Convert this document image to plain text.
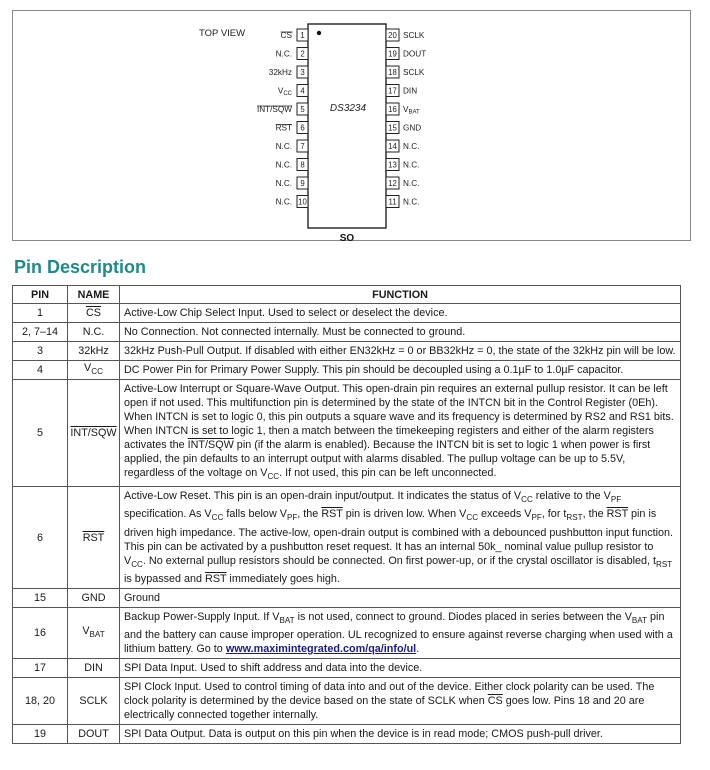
TOP VIEW
DS3234
SO
1
CS
2
N.C.
3
32kHz
4
VCC
5
INT/SQW
6
RST
7
N.C.
8
N.C.
9
N.C.
10
N.C.
20 SCLK
19 DOUT
18 SCLK
17 DIN
16 VBAT
15 GND
14 N.C.
13 N.C.
12 N.C.
11 N.C.
Pin Description
PIN	NAME	FUNCTION
1	$\overline{CS}$	Active-Low Chip Select Input. Used to select or deselect the device.
2, 7–14	N.C.	No Connection. Not connected internally. Must be connected to ground.
3	32kHz	32kHz Push-Pull Output. If disabled with either EN32kHz = 0 or BB32kHz = 0, the state of the 32kHz pin will be low.
4	$V_{CC}$	DC Power Pin for Primary Power Supply. This pin should be decoupled using a 0.1µF to 1.0µF capacitor.
5	INT/SQW	Active-Low Interrupt or Square-Wave Output. This open-drain pin requires an external pullup resistor. It can be left open if not used. This multifunction pin is determined by the state of the INTCN bit in the Control Register (0Eh). When INTCN is set to logic 0, this pin outputs a square wave and its frequency is determined by RS2 and RS1 bits. When INTCN is set to logic 1, then a match between the timekeeping registers and either of the alarm registers activates the INT/SQW pin (if the alarm is enabled). Because the INTCN bit is set to logic 1 when power is first applied, the pin defaults to an interrupt output with alarms disabled. The pullup voltage can be up to 5.5V, regardless of the voltage on $V_{CC}$. If not used, this pin can be left unconnected.
6	$\overline{RST}$	Active-Low Reset. This pin is an open-drain input/output. It indicates the status of $V_{CC}$ relative to the $V_{PF}$ specification. As $V_{CC}$ falls below $V_{PF}$, the $\overline{RST}$ pin is driven low. When $V_{CC}$ exceeds $V_{PF}$, for $t_{RST}$, the $\overline{RST}$ pin is driven high impedance. The active-low, open-drain output is combined with a debounced pushbutton input function. This pin can be activated by a pushbutton reset request. It has an internal 50k_ nominal value pullup resistor to $V_{CC}$. No external pullup resistors should be connected. On first power-up, or if the crystal oscillator is disabled, $t_{RST}$ is bypassed and $\overline{RST}$ immediately goes high.
15	GND	Ground
16	$V_{BAT}$	Backup Power-Supply Input. If $V_{BAT}$ is not used, connect to ground. Diodes placed in series between the $V_{BAT}$ pin and the battery can cause improper operation. UL recognized to ensure against reverse charging when used with a lithium battery. Go to www.maximintegrated.com/qa/info/ul.
17	DIN	SPI Data Input. Used to shift address and data into the device.
18, 20	SCLK	SPI Clock Input. Used to control timing of data into and out of the device. Either clock polarity can be used. The clock polarity is determined by the device based on the state of SCLK when $\overline{CS}$ goes low. Pins 18 and 20 are electrically connected together internally.
19	DOUT	SPI Data Output. Data is output on this pin when the device is in read mode; CMOS push-pull driver.
